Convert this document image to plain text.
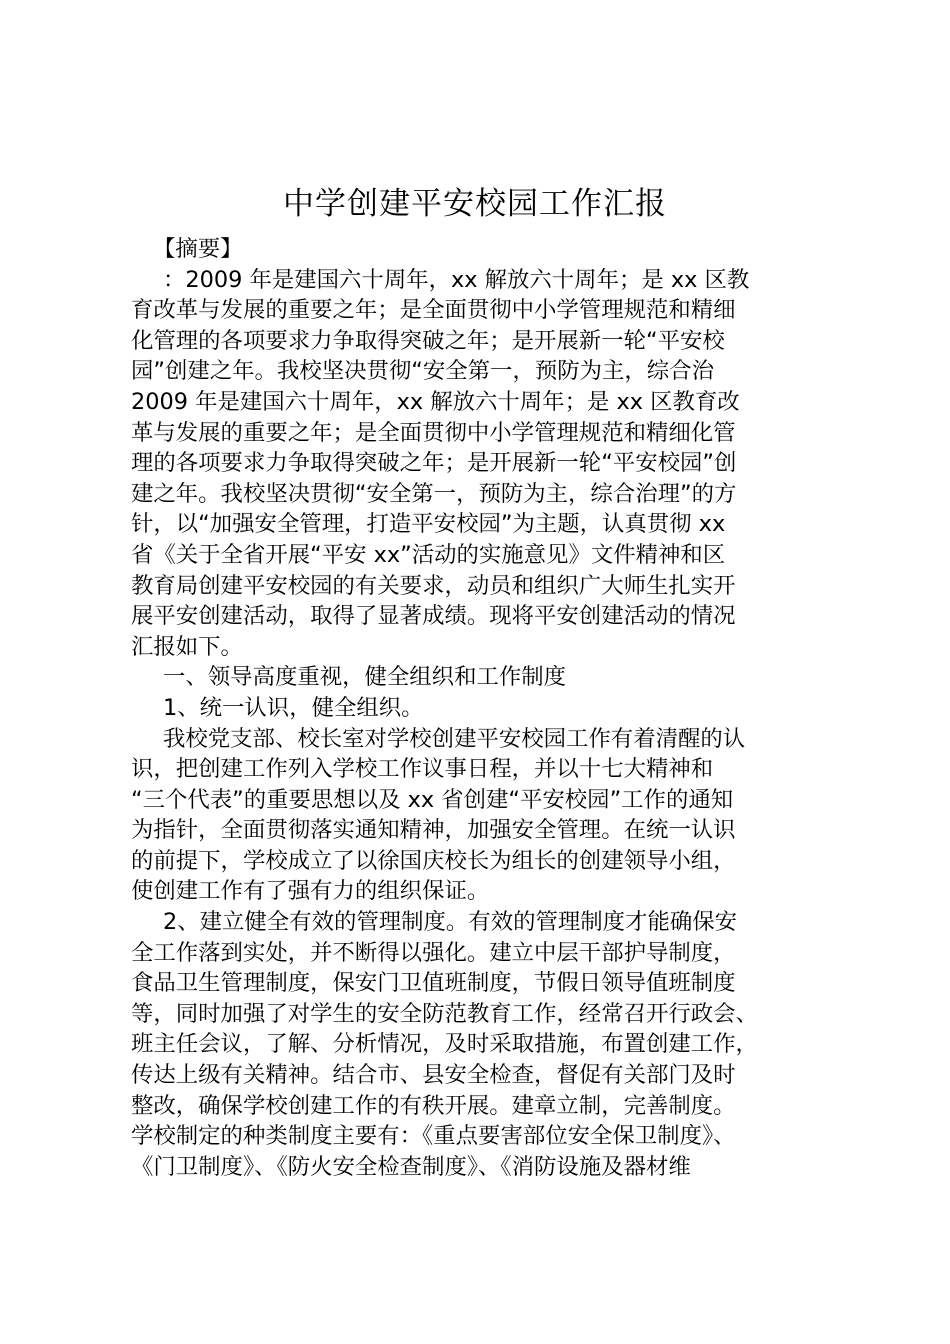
中学创建平安校园工作汇报
【摘要】
：2009 年是建国六十周年，xx 解放六十周年；是 xx 区教
育改革与发展的重要之年；是全面贯彻中小学管理规范和精细
化管理的各项要求力争取得突破之年；是开展新一轮“平安校
园”创建之年。我校坚决贯彻“安全第一，预防为主，综合治
2009 年是建国六十周年，xx 解放六十周年；是 xx 区教育改
革与发展的重要之年；是全面贯彻中小学管理规范和精细化管
理的各项要求力争取得突破之年；是开展新一轮“平安校园”创
建之年。我校坚决贯彻“安全第一，预防为主，综合治理”的方
针，以“加强安全管理，打造平安校园”为主题，认真贯彻 xx
省《关于全省开展“平安 xx”活动的实施意见》文件精神和区
教育局创建平安校园的有关要求，动员和组织广大师生扎实开
展平安创建活动，取得了显著成绩。现将平安创建活动的情况
汇报如下。
一、领导高度重视，健全组织和工作制度
1、统一认识，健全组织。
我校党支部、校长室对学校创建平安校园工作有着清醒的认
识，把创建工作列入学校工作议事日程，并以十七大精神和
“三个代表”的重要思想以及 xx 省创建“平安校园”工作的通知
为指针，全面贯彻落实通知精神，加强安全管理。在统一认识
的前提下，学校成立了以徐国庆校长为组长的创建领导小组，
使创建工作有了强有力的组织保证。
2、建立健全有效的管理制度。有效的管理制度才能确保安
全工作落到实处，并不断得以强化。建立中层干部护导制度，
食品卫生管理制度，保安门卫值班制度，节假日领导值班制度
等，同时加强了对学生的安全防范教育工作，经常召开行政会、
班主任会议，了解、分析情况，及时采取措施，布置创建工作，
传达上级有关精神。结合市、县安全检查，督促有关部门及时
整改，确保学校创建工作的有秩开展。建章立制，完善制度。
学校制定的种类制度主要有：《重点要害部位安全保卫制度》、
《门卫制度》、《防火安全检查制度》、《消防设施及器材维
